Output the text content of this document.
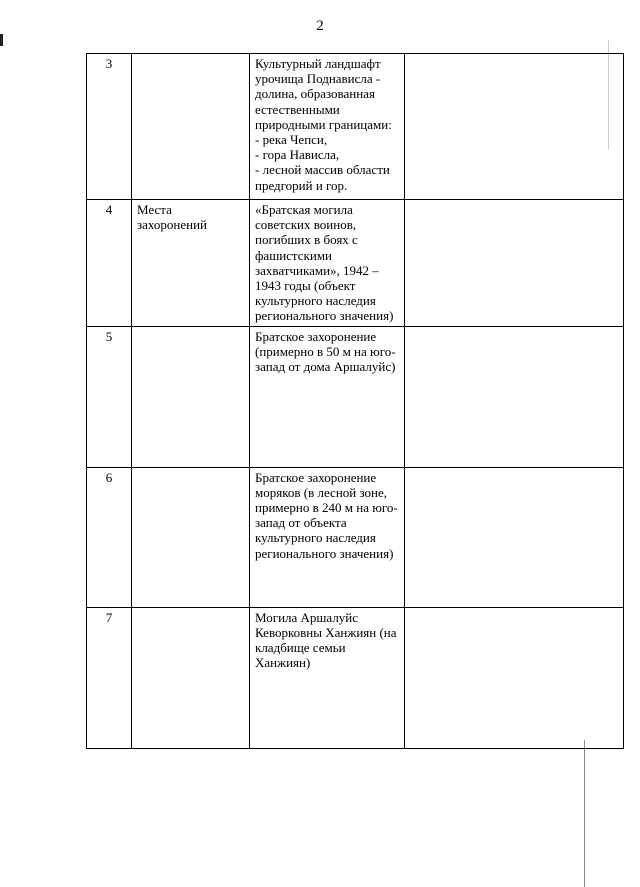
2
3		Культурный ландшафт урочища Поднависла - долина, образованная естественными природными границами:
- река Чепси,
- гора Нависла,
- лесной массив области предгорий и гор.	

4	Места захоронений	«Братская могила советских воинов, погибших в боях с фашистскими захватчиками», 1942 – 1943 годы (объект культурного наследия регионального значения)	

5		Братское захоронение (примерно в 50 м на юго-запад от дома Аршалуйс)	

6		Братское захоронение моряков (в лесной зоне, примерно в 240 м на юго-запад от объекта культурного наследия регионального значения)	

7		Могила Аршалуйс Кеворковны Ханжиян (на кладбище семьи Ханжиян)	
